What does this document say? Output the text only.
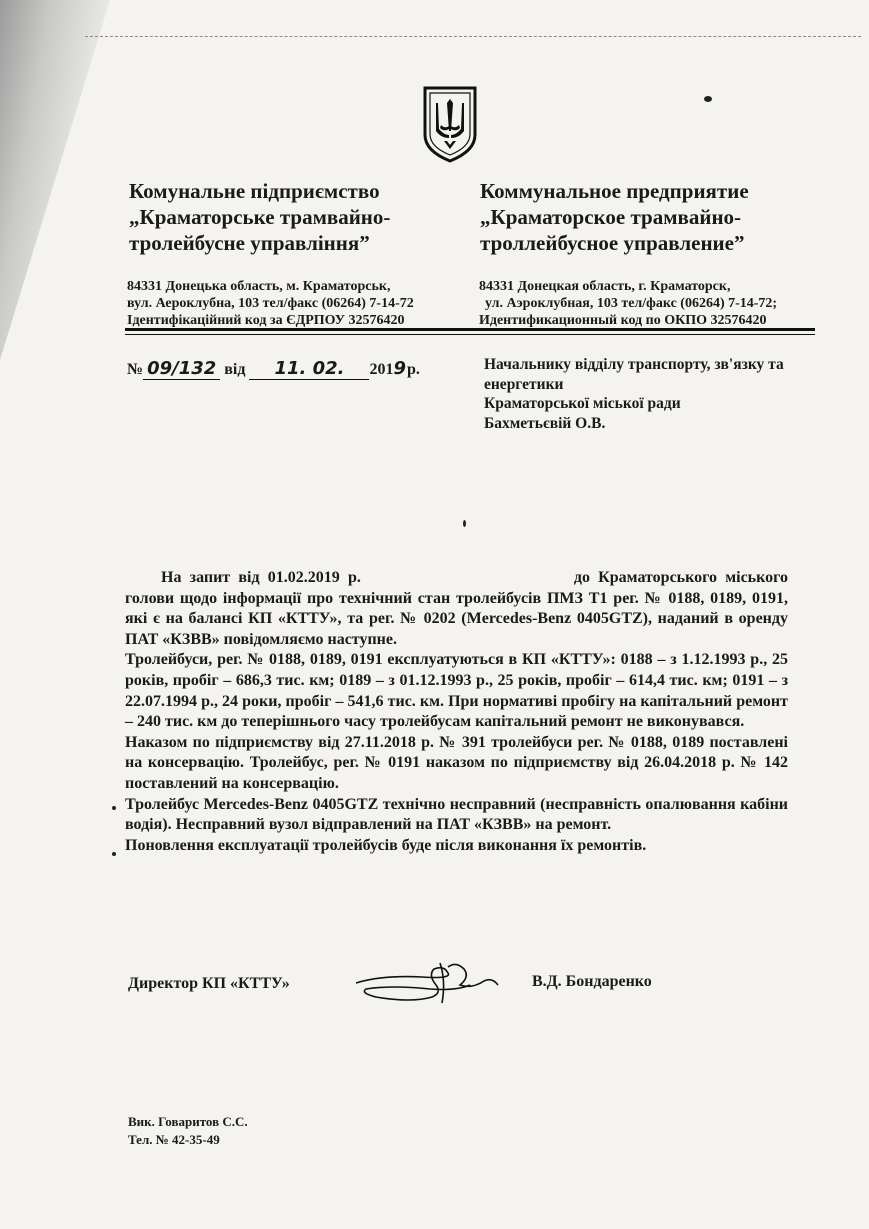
Комунальне підприємство
„Краматорське трамвайно-
тролейбусне управління”
Коммунальное предприятие
„Краматорское трамвайно-
троллейбусное управление”
84331 Донецька область, м. Краматорськ,
вул. Аероклубна, 103 тел/факс (06264) 7-14-72
Ідентифікаційний код за ЄДРПОУ 32576420
84331 Донецкая область, г. Краматорск,
ул. Аэроклубная, 103 тел/факс (06264) 7-14-72;
Идентификационный код по ОКПО 32576420
№ 09/132 від 11. 02. 2019р.	Начальнику відділу транспорту, зв'язку та енергетики
Краматорської міської ради
Бахметьєвій О.В.

На запит від 01.02.2019 р.	до Краматорського міського голови щодо інформації про технічний стан тролейбусів ПМЗ Т1 рег. № 0188, 0189, 0191, які є на балансі КП «КТТУ», та рег. № 0202 (Mercedes-Benz 0405GTZ), наданий в оренду ПАТ «КЗВВ» повідомляємо наступне.

Тролейбуси, рег. № 0188, 0189, 0191 експлуатуються в КП «КТТУ»: 0188 – з 1.12.1993 р., 25 років, пробіг – 686,3 тис. км; 0189 – з 01.12.1993 р., 25 років, пробіг – 614,4 тис. км; 0191 – з 22.07.1994 р., 24 роки, пробіг – 541,6 тис. км. При нормативі пробігу на капітальний ремонт – 240 тис. км до теперішнього часу тролейбусам капітальний ремонт не виконувався.

Наказом по підприємству від 27.11.2018 р. № 391 тролейбуси рег. № 0188, 0189 поставлені на консервацію. Тролейбус, рег. № 0191 наказом по підприємству від 26.04.2018 р. № 142 поставлений на консервацію.

Тролейбус Mercedes-Benz 0405GTZ технічно несправний (несправність опалювання кабіни водія). Несправний вузол відправлений на ПАТ «КЗВВ» на ремонт.

Поновлення експлуатації тролейбусів буде після виконання їх ремонтів.

Директор КП «КТТУ»	В.Д. Бондаренко
Вик. Говаритов С.С.
Тел. № 42-35-49
